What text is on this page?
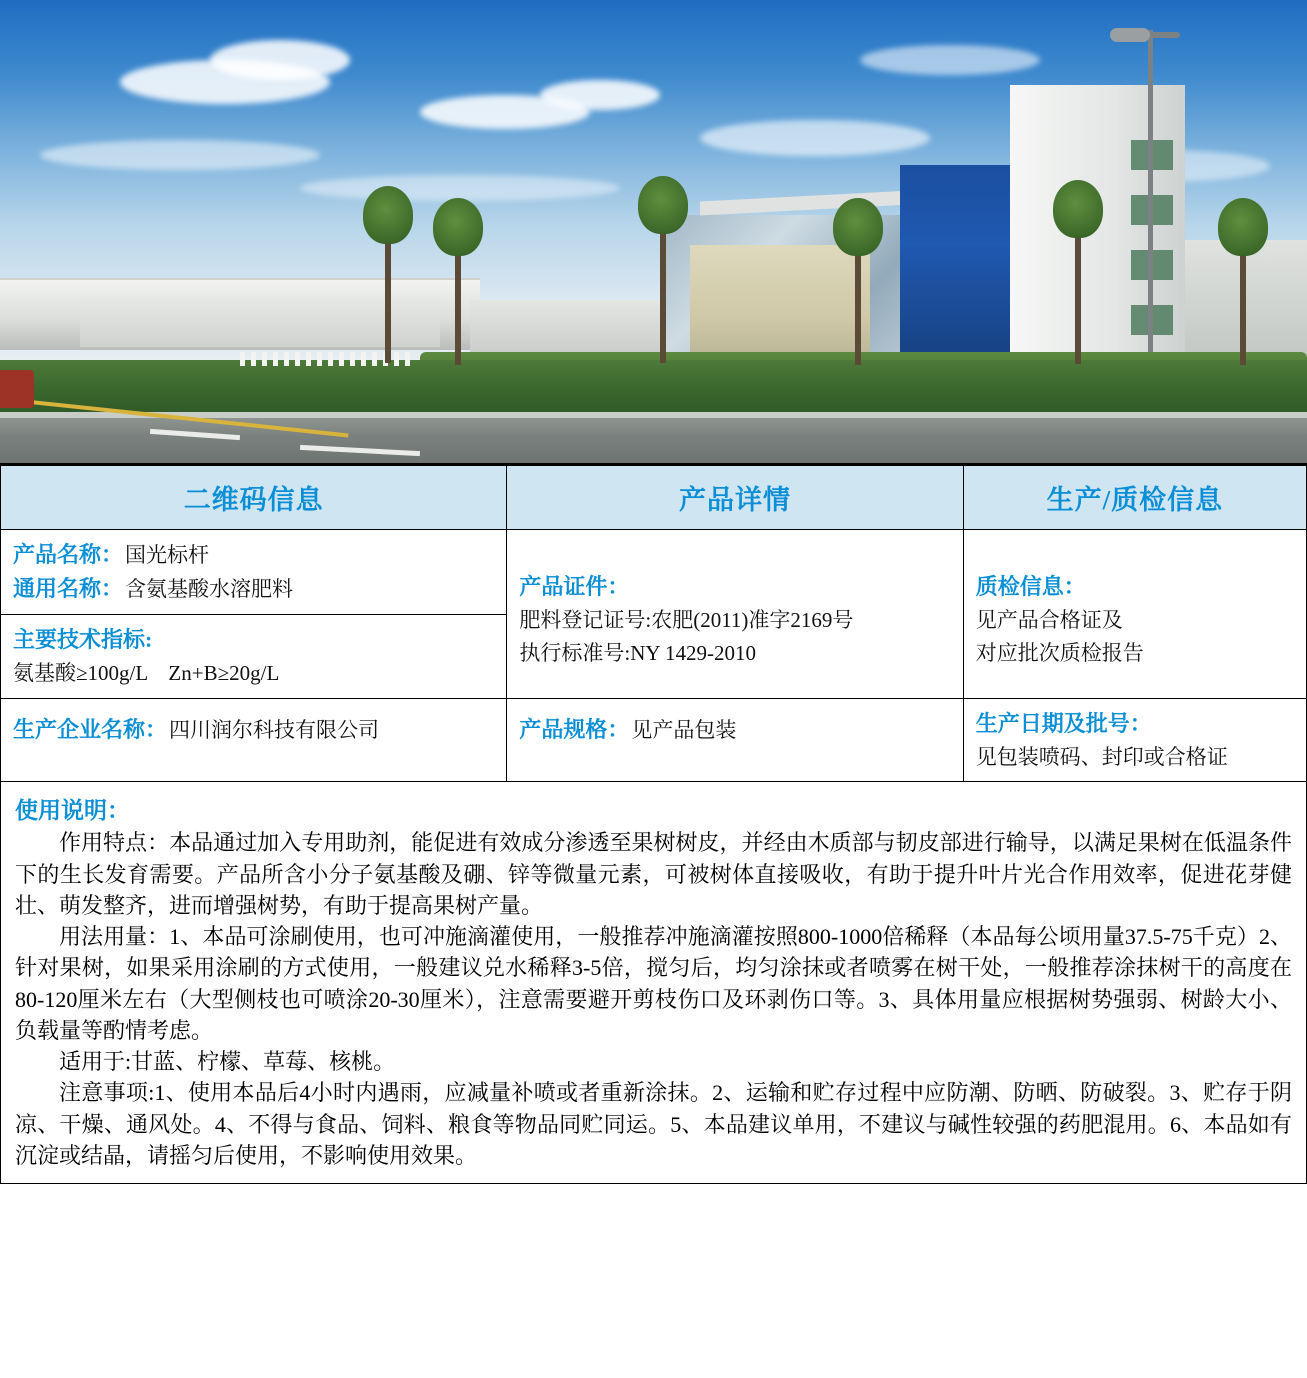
二维码信息	产品详情	生产/质检信息

产品名称：国光标杆
通用名称：含氨基酸水溶肥料	产品证件：
肥料登记证号:农肥(2011)准字2169号
执行标准号:NY 1429-2010

质检信息：
见产品合格证及
对应批次质检报告

主要技术指标:
氨基酸≥100g/L　Zn+B≥20g/L		

生产企业名称：四川润尔科技有限公司	产品规格：见产品包装	生产日期及批号：
见包装喷码、封印或合格证
使用说明：

作用特点：本品通过加入专用助剂，能促进有效成分渗透至果树树皮，并经由木质部与韧皮部进行输导，以满足果树在低温条件下的生长发育需要。产品所含小分子氨基酸及硼、锌等微量元素，可被树体直接吸收，有助于提升叶片光合作用效率，促进花芽健壮、萌发整齐，进而增强树势，有助于提高果树产量。

用法用量：1、本品可涂刷使用，也可冲施滴灌使用，一般推荐冲施滴灌按照800-1000倍稀释（本品每公顷用量37.5-75千克）2、针对果树，如果采用涂刷的方式使用，一般建议兑水稀释3-5倍，搅匀后，均匀涂抹或者喷雾在树干处，一般推荐涂抹树干的高度在80-120厘米左右（大型侧枝也可喷涂20-30厘米），注意需要避开剪枝伤口及环剥伤口等。3、具体用量应根据树势强弱、树龄大小、负载量等酌情考虑。

适用于:甘蓝、柠檬、草莓、核桃。

注意事项:1、使用本品后4小时内遇雨，应减量补喷或者重新涂抹。2、运输和贮存过程中应防潮、防晒、防破裂。3、贮存于阴凉、干燥、通风处。4、不得与食品、饲料、粮食等物品同贮同运。5、本品建议单用，不建议与碱性较强的药肥混用。6、本品如有沉淀或结晶，请摇匀后使用，不影响使用效果。
